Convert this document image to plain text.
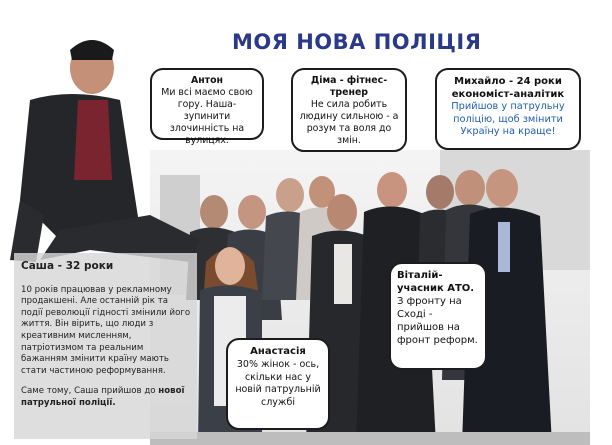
МОЯ НОВА ПОЛІЦІЯ
Антон
Ми всі маємо свою гору. Наша- зупинити злочинність на вулицях.
Діма - фітнес-тренер
Не сила робить людину сильною - а розум та воля до змін.
Михайло - 24 роки економіст-аналітик
Прийшов у патрульну поліцію, щоб змінити Україну на краще!
Віталій- учасник АТО.
З фронту на Сході - прийшов на фронт реформ.
Анастасія
30% жінок - ось, скільки нас у новій патрульній службі
Саша - 32 роки
10 років працював у рекламному продакшені. Але останній рік та події революції гідності змінили його життя. Він вірить, що люди з креативним мисленням, патріотизмом та реальним бажанням змінити країну мають стати частиною реформування.
Саме тому, Саша прийшов до нової патрульної поліції.
